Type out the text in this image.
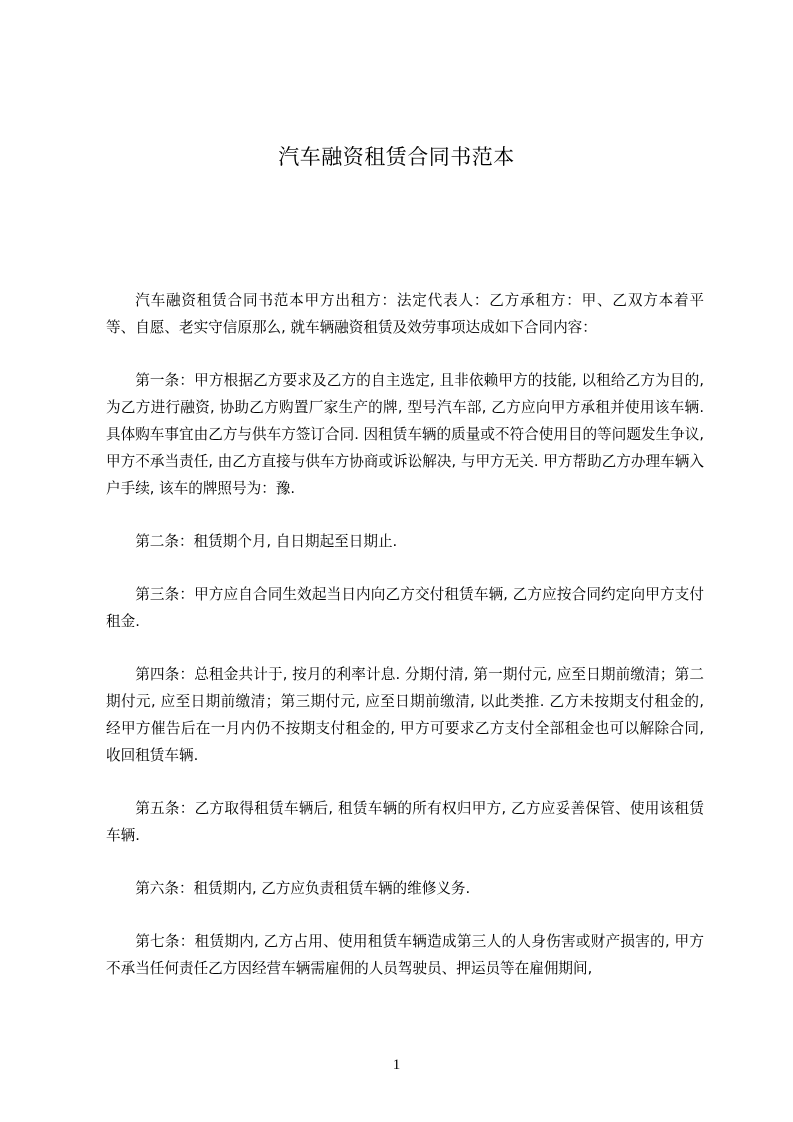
汽车融资租赁合同书范本

汽车融资租赁合同书范本甲方出租方：法定代表人：乙方承租方：甲、乙双方本着平等、自愿、老实守信原那么, 就车辆融资租赁及效劳事项达成如下合同内容：

第一条：甲方根据乙方要求及乙方的自主选定, 且非依赖甲方的技能, 以租给乙方为目的, 为乙方进行融资, 协助乙方购置厂家生产的牌, 型号汽车部, 乙方应向甲方承租并使用该车辆. 具体购车事宜由乙方与供车方签订合同. 因租赁车辆的质量或不符合使用目的等问题发生争议, 甲方不承当责任, 由乙方直接与供车方协商或诉讼解决, 与甲方无关. 甲方帮助乙方办理车辆入户手续, 该车的牌照号为：豫.

第二条：租赁期个月, 自日期起至日期止.

第三条：甲方应自合同生效起当日内向乙方交付租赁车辆, 乙方应按合同约定向甲方支付租金.

第四条：总租金共计于, 按月的利率计息. 分期付清, 第一期付元, 应至日期前缴清；第二期付元, 应至日期前缴清；第三期付元, 应至日期前缴清, 以此类推. 乙方未按期支付租金的, 经甲方催告后在一月内仍不按期支付租金的, 甲方可要求乙方支付全部租金也可以解除合同, 收回租赁车辆.

第五条：乙方取得租赁车辆后, 租赁车辆的所有权归甲方, 乙方应妥善保管、使用该租赁车辆.

第六条：租赁期内, 乙方应负责租赁车辆的维修义务.

第七条：租赁期内, 乙方占用、使用租赁车辆造成第三人的人身伤害或财产损害的, 甲方不承当任何责任乙方因经营车辆需雇佣的人员驾驶员、押运员等在雇佣期间,

1
